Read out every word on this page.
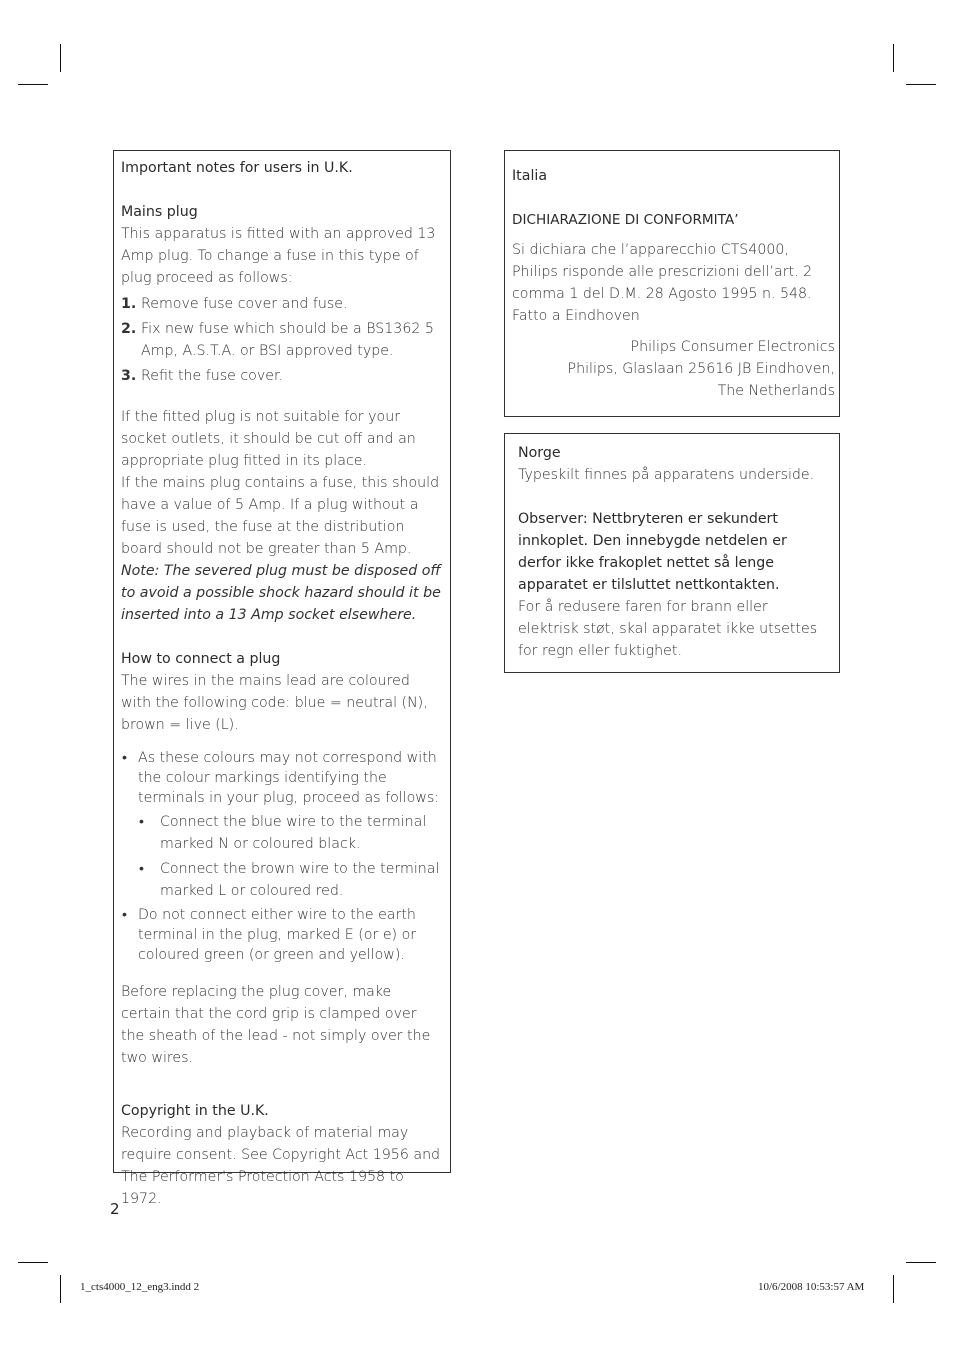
Important notes for users in U.K.

Mains plug

This apparatus is fitted with an approved 13 Amp plug. To change a fuse in this type of plug proceed as follows:

1. Remove fuse cover and fuse.
2. Fix new fuse which should be a BS1362 5 Amp, A.S.T.A. or BSI approved type.
3. Refit the fuse cover.

If the fitted plug is not suitable for your socket outlets, it should be cut off and an appropriate plug fitted in its place.

If the mains plug contains a fuse, this should have a value of 5 Amp. If a plug without a fuse is used, the fuse at the distribution board should not be greater than 5 Amp.

Note: The severed plug must be disposed off to avoid a possible shock hazard should it be inserted into a 13 Amp socket elsewhere.

How to connect a plug

The wires in the mains lead are coloured with the following code: blue = neutral (N),

brown = live (L).

• As these colours may not correspond with the colour markings identifying the terminals in your plug, proceed as follows:
• Connect the blue wire to the terminal marked N or coloured black.
• Connect the brown wire to the terminal marked L or coloured red.
• Do not connect either wire to the earth terminal in the plug, marked E (or e) or coloured green (or green and yellow).

Before replacing the plug cover, make certain that the cord grip is clamped over the sheath of the lead - not simply over the two wires.

Copyright in the U.K.

Recording and playback of material may require consent. See Copyright Act 1956 and The Performer's Protection Acts 1958 to 1972.

Italia

DICHIARAZIONE DI CONFORMITA’

Si dichiara che l’apparecchio CTS4000, Philips risponde alle prescrizioni dell’art. 2 comma 1 del D.M. 28 Agosto 1995 n. 548.

Fatto a Eindhoven

Philips Consumer Electronics

Philips, Glaslaan 25616 JB Eindhoven,

The Netherlands

Norge

Typeskilt finnes på apparatens underside.

Observer: Nettbryteren er sekundert innkoplet. Den innebygde netdelen er derfor ikke frakoplet nettet så lenge apparatet er tilsluttet nettkontakten.

For å redusere faren for brann eller elektrisk støt, skal apparatet ikke utsettes for regn eller fuktighet.

2
1_cts4000_12_eng3.indd 2	10/6/2008 10:53:57 AM
